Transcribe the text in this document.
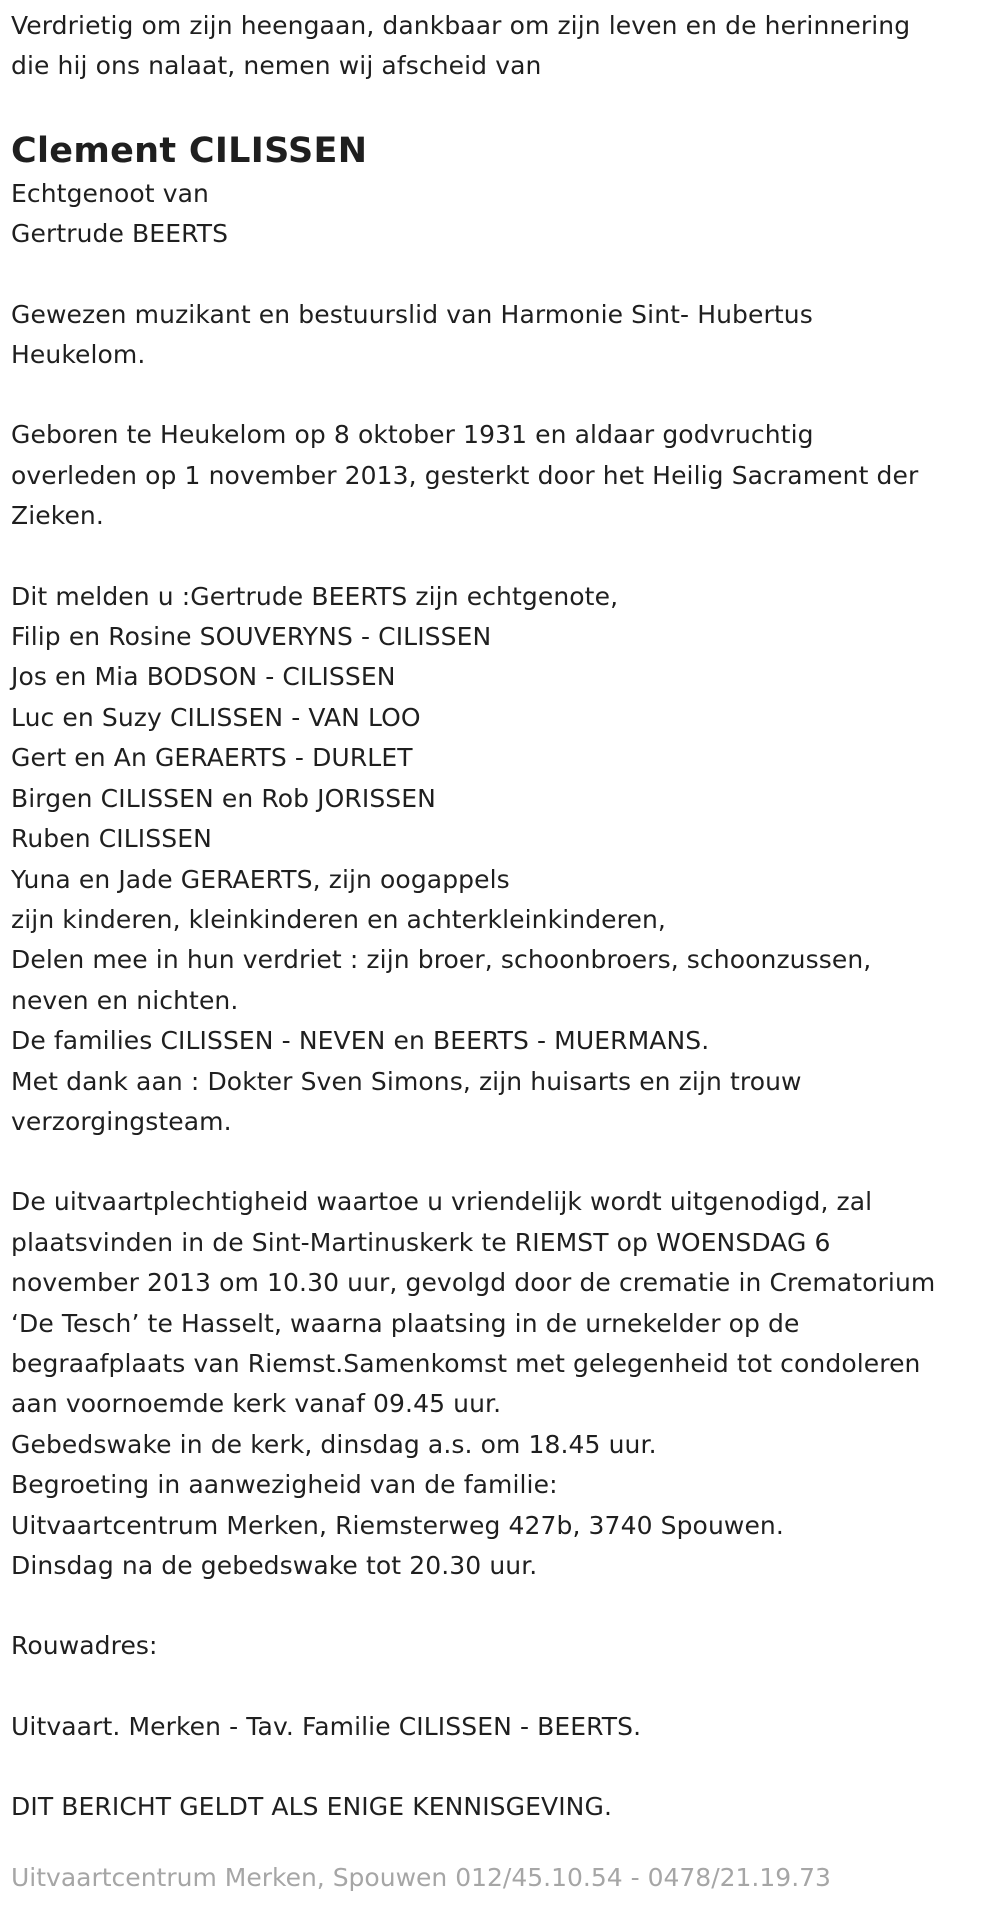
Verdrietig om zijn heengaan, dankbaar om zijn leven en de herinnering
die hij ons nalaat, nemen wij afscheid van
Clement CILISSEN
Echtgenoot van
Gertrude BEERTS
Gewezen muzikant en bestuurslid van Harmonie Sint- Hubertus
Heukelom.
Geboren te Heukelom op 8 oktober 1931 en aldaar godvruchtig
overleden op 1 november 2013, gesterkt door het Heilig Sacrament der
Zieken.
Dit melden u :Gertrude BEERTS zijn echtgenote,
Filip en Rosine SOUVERYNS - CILISSEN
Jos en Mia BODSON - CILISSEN
Luc en Suzy CILISSEN - VAN LOO
Gert en An GERAERTS - DURLET
Birgen CILISSEN en Rob JORISSEN
Ruben CILISSEN
Yuna en Jade GERAERTS, zijn oogappels
zijn kinderen, kleinkinderen en achterkleinkinderen,
Delen mee in hun verdriet : zijn broer, schoonbroers, schoonzussen,
neven en nichten.
De families CILISSEN - NEVEN en BEERTS - MUERMANS.
Met dank aan : Dokter Sven Simons, zijn huisarts en zijn trouw
verzorgingsteam.
De uitvaartplechtigheid waartoe u vriendelijk wordt uitgenodigd, zal
plaatsvinden in de Sint-Martinuskerk te RIEMST op WOENSDAG 6
november 2013 om 10.30 uur, gevolgd door de crematie in Crematorium
‘De Tesch’ te Hasselt, waarna plaatsing in de urnekelder op de
begraafplaats van Riemst.Samenkomst met gelegenheid tot condoleren
aan voornoemde kerk vanaf 09.45 uur.
Gebedswake in de kerk, dinsdag a.s. om 18.45 uur.
Begroeting in aanwezigheid van de familie:
Uitvaartcentrum Merken, Riemsterweg 427b, 3740 Spouwen.
Dinsdag na de gebedswake tot 20.30 uur.
Rouwadres:
Uitvaart. Merken - Tav. Familie CILISSEN - BEERTS.
DIT BERICHT GELDT ALS ENIGE KENNISGEVING.
Uitvaartcentrum Merken, Spouwen 012/45.10.54 - 0478/21.19.73
